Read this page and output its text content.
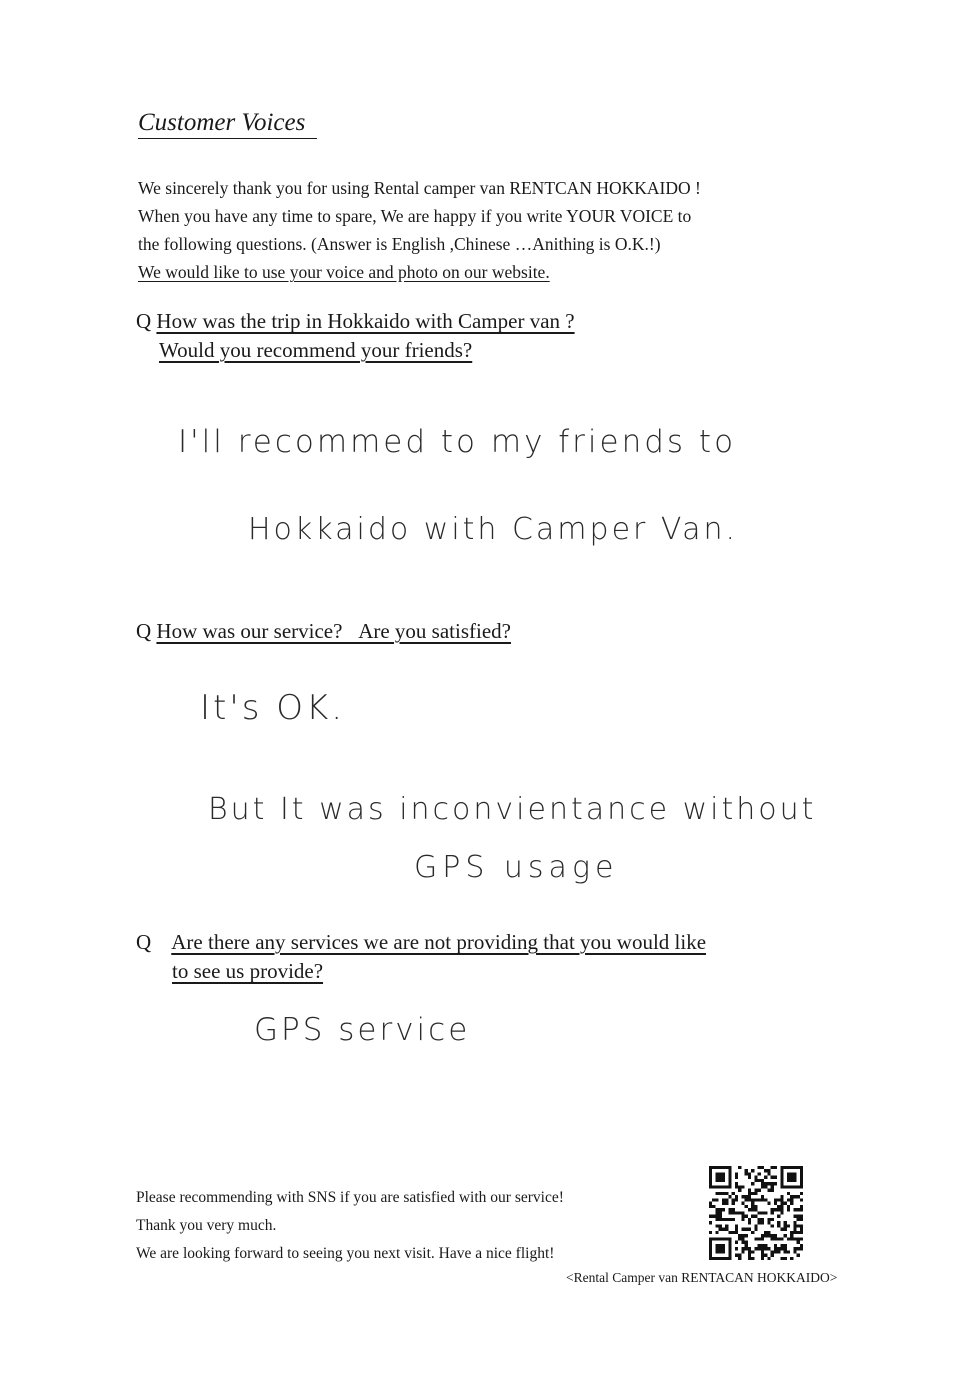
Customer Voices
We sincerely thank you for using Rental camper van RENTCAN HOKKAIDO !
When you have any time to spare, We are happy if you write YOUR VOICE to
the following questions. (Answer is English ,Chinese …Anithing is O.K.!)
We would like to use your voice and photo on our website.
Q How was the trip in Hokkaido with Camper van ?
Would you recommend your friends?
I'll recommed to my friends to
Hokkaido with Camper Van.
Q How was our service?   Are you satisfied?
It's OK.
But It was inconvientance without
GPS usage
Q Are there any services we are not providing that you would like
to see us provide?
GPS service
Please recommending with SNS if you are satisfied with our service!
Thank you very much.
We are looking forward to seeing you next visit. Have a nice flight!
<Rental Camper van RENTACAN HOKKAIDO>
